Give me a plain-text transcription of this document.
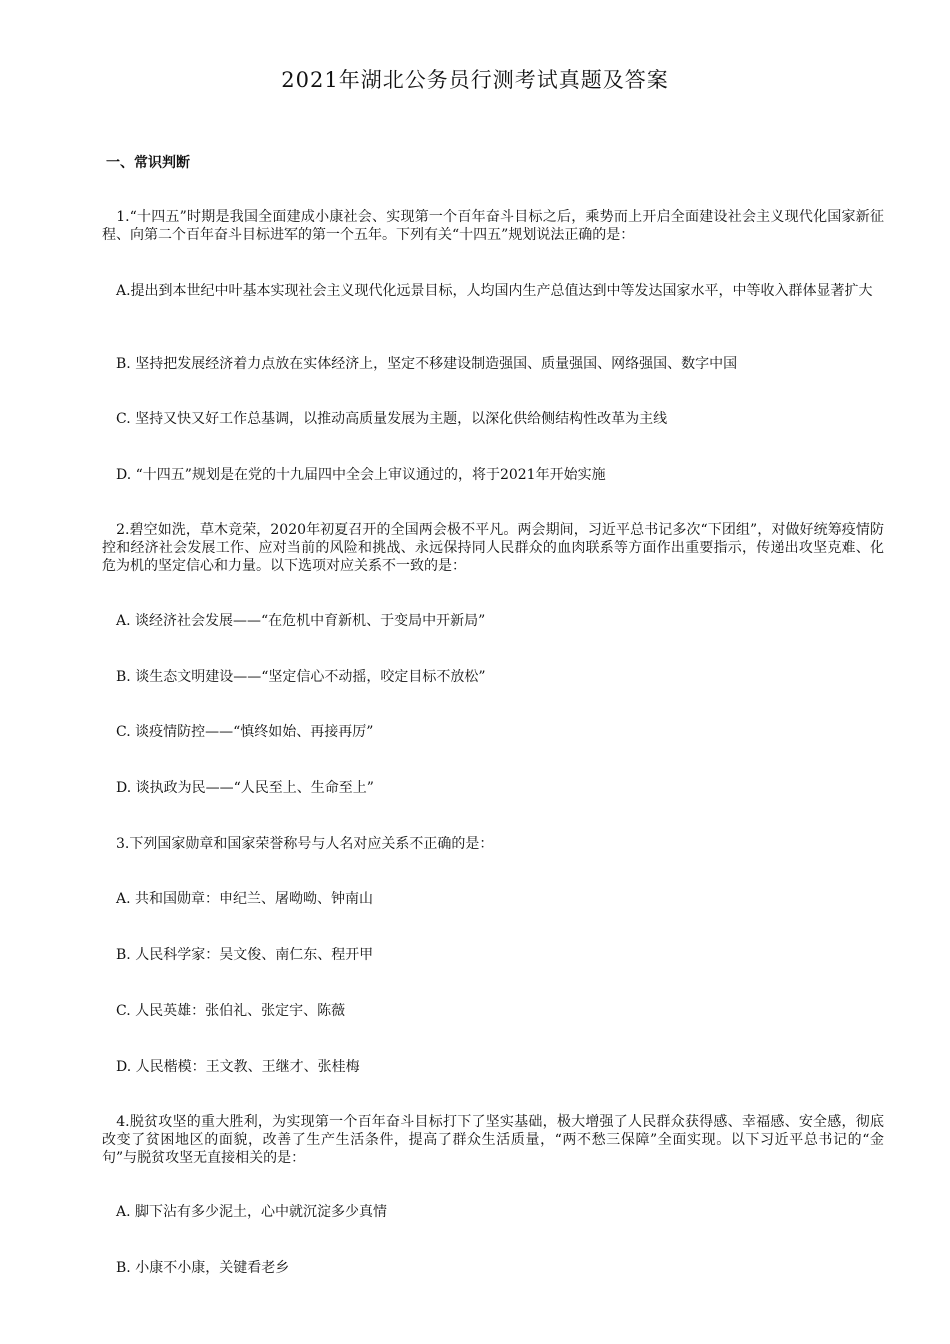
2021年湖北公务员行测考试真题及答案
一、常识判断
　1.“十四五”时期是我国全面建成小康社会、实现第一个百年奋斗目标之后，乘势而上开启全面建设社会主义现代化国家新征程、向第二个百年奋斗目标进军的第一个五年。下列有关“十四五”规划说法正确的是：
　A.提出到本世纪中叶基本实现社会主义现代化远景目标，人均国内生产总值达到中等发达国家水平，中等收入群体显著扩大
　B. 坚持把发展经济着力点放在实体经济上，坚定不移建设制造强国、质量强国、网络强国、数字中国
　C. 坚持又快又好工作总基调，以推动高质量发展为主题，以深化供给侧结构性改革为主线
　D. “十四五”规划是在党的十九届四中全会上审议通过的，将于2021年开始实施
　2.碧空如洗，草木竞荣，2020年初夏召开的全国两会极不平凡。两会期间，习近平总书记多次“下团组”，对做好统筹疫情防控和经济社会发展工作、应对当前的风险和挑战、永远保持同人民群众的血肉联系等方面作出重要指示，传递出攻坚克难、化危为机的坚定信心和力量。以下选项对应关系不一致的是：
　A. 谈经济社会发展——“在危机中育新机、于变局中开新局”
　B. 谈生态文明建设——“坚定信心不动摇，咬定目标不放松”
　C. 谈疫情防控——“慎终如始、再接再厉”
　D. 谈执政为民——“人民至上、生命至上”
　3.下列国家勋章和国家荣誉称号与人名对应关系不正确的是：
　A. 共和国勋章：申纪兰、屠呦呦、钟南山
　B. 人民科学家：吴文俊、南仁东、程开甲
　C. 人民英雄：张伯礼、张定宇、陈薇
　D. 人民楷模：王文教、王继才、张桂梅
　4.脱贫攻坚的重大胜利，为实现第一个百年奋斗目标打下了坚实基础，极大增强了人民群众获得感、幸福感、安全感，彻底改变了贫困地区的面貌，改善了生产生活条件，提高了群众生活质量，“两不愁三保障”全面实现。以下习近平总书记的“金句”与脱贫攻坚无直接相关的是：
　A. 脚下沾有多少泥土，心中就沉淀多少真情
　B. 小康不小康，关键看老乡
